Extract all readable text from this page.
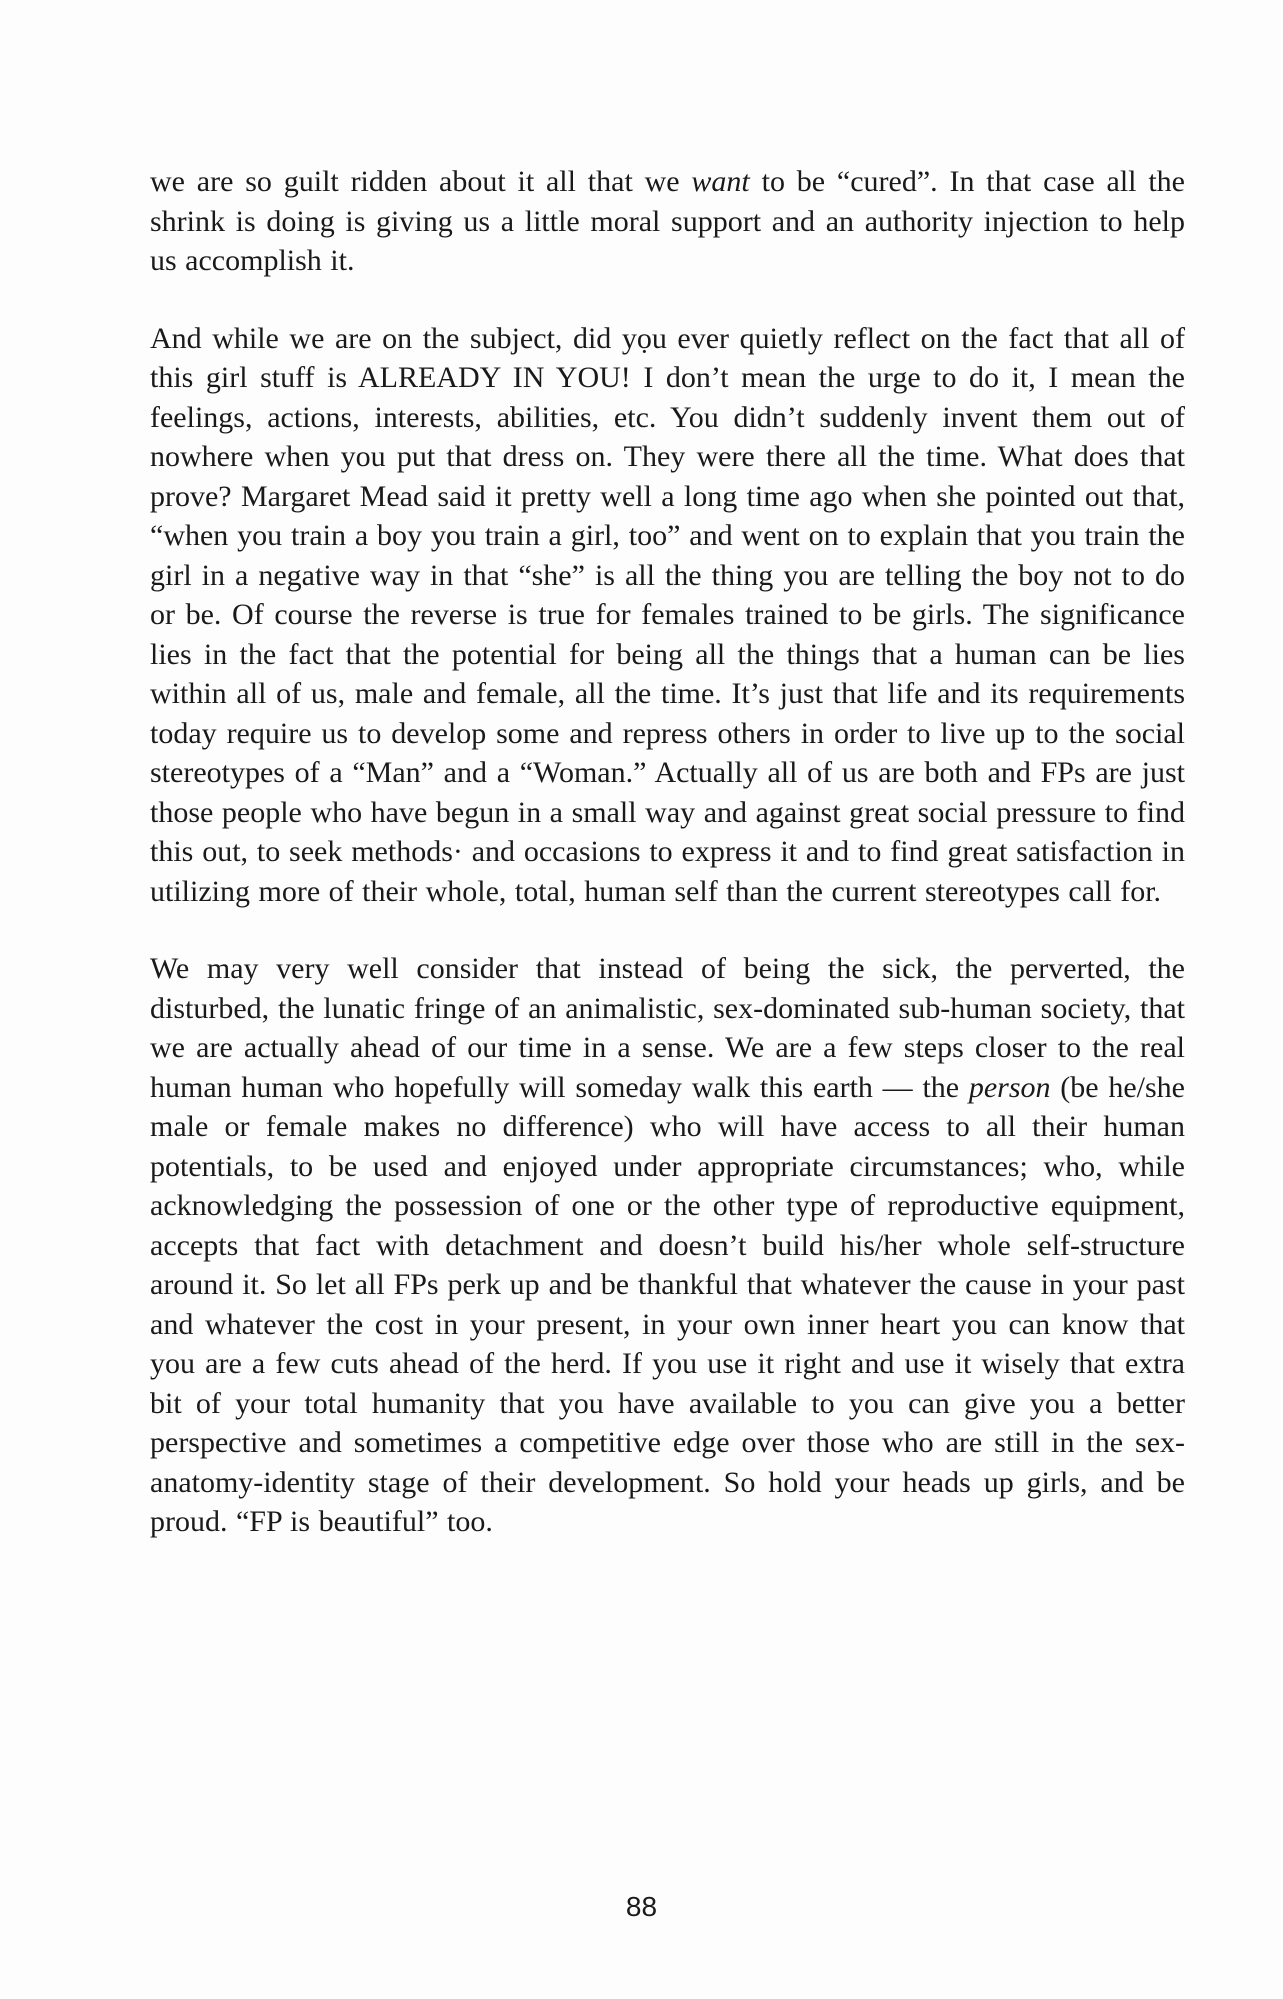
we are so guilt ridden about it all that we want to be “cured”. In that case all the shrink is doing is giving us a little moral support and an authority injection to help us accomplish it.

And while we are on the subject, did yọu ever quietly reflect on the fact that all of this girl stuff is ALREADY IN YOU! I don’t mean the urge to do it, I mean the feelings, actions, interests, abilities, etc. You didn’t suddenly invent them out of nowhere when you put that dress on. They were there all the time. What does that prove? Margaret Mead said it pretty well a long time ago when she pointed out that, “when you train a boy you train a girl, too” and went on to explain that you train the girl in a negative way in that “she” is all the thing you are telling the boy not to do or be. Of course the reverse is true for females trained to be girls. The significance lies in the fact that the potential for being all the things that a human can be lies within all of us, male and female, all the time. It’s just that life and its requirements today require us to develop some and repress others in order to live up to the social stereotypes of a “Man” and a “Woman.” Actually all of us are both and FPs are just those people who have begun in a small way and against great social pressure to find this out, to seek methods· and occasions to express it and to find great satisfaction in utilizing more of their whole, total, human self than the current stereotypes call for.

We may very well consider that instead of being the sick, the perverted, the disturbed, the lunatic fringe of an animalistic, sex-dominated sub-human society, that we are actually ahead of our time in a sense. We are a few steps closer to the real human human who hopefully will someday walk this earth — the person (be he/she male or female makes no difference) who will have access to all their human potentials, to be used and enjoyed under appropriate circumstances; who, while acknowledging the possession of one or the other type of reproductive equipment, accepts that fact with detachment and doesn’t build his/her whole self-structure around it. So let all FPs perk up and be thankful that whatever the cause in your past and whatever the cost in your present, in your own inner heart you can know that you are a few cuts ahead of the herd. If you use it right and use it wisely that extra bit of your total humanity that you have available to you can give you a better perspective and sometimes a competitive edge over those who are still in the sex-anatomy-identity stage of their development. So hold your heads up girls, and be proud. “FP is beautiful” too.

88
